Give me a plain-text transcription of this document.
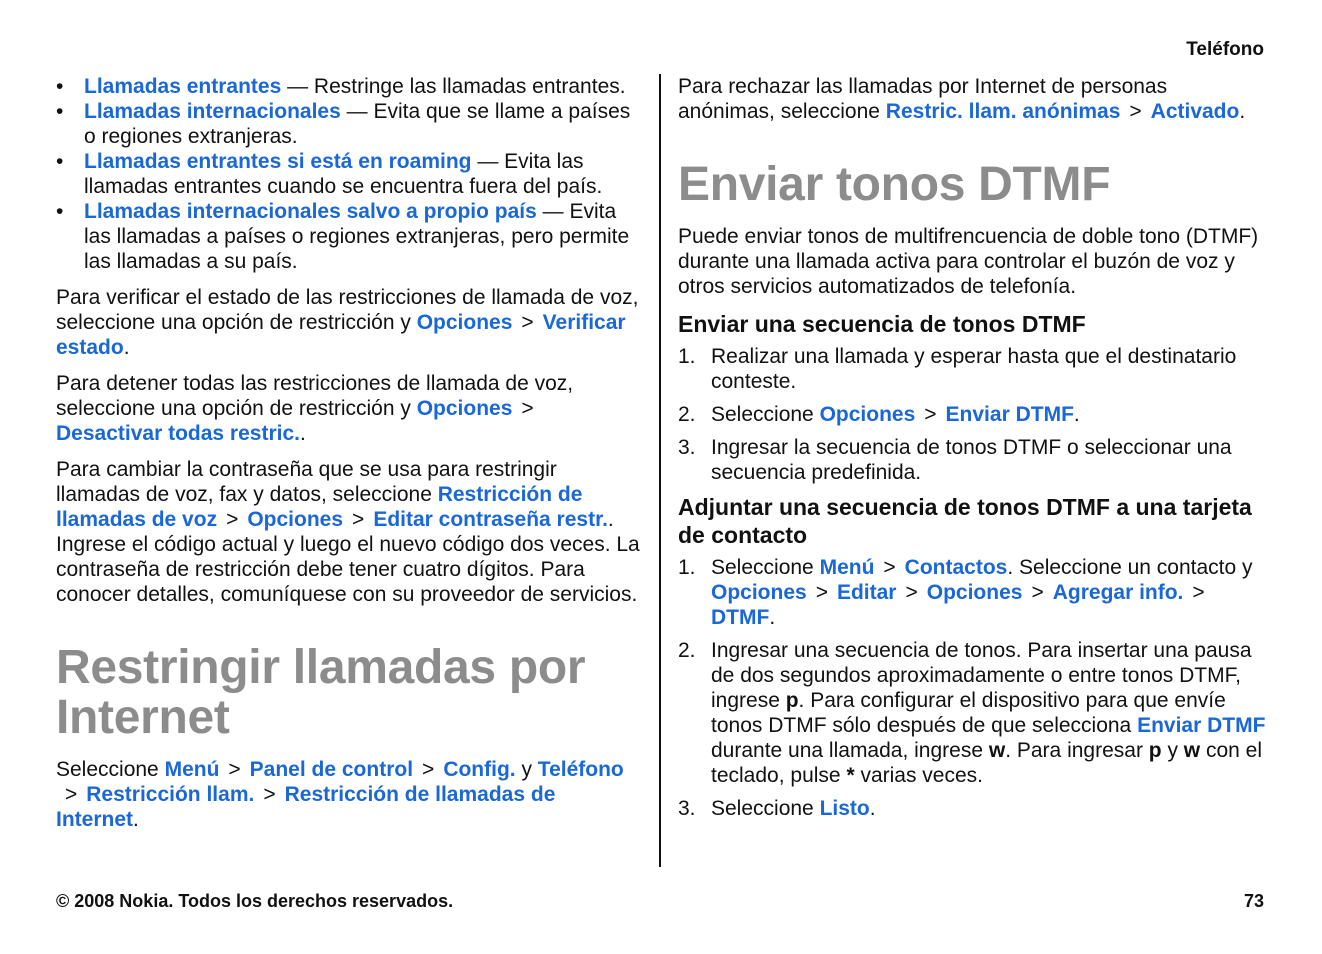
Teléfono
• Llamadas entrantes — Restringe las llamadas entrantes.
• Llamadas internacionales — Evita que se llame a países o regiones extranjeras.
• Llamadas entrantes si está en roaming — Evita las llamadas entrantes cuando se encuentra fuera del país.
• Llamadas internacionales salvo a propio país — Evita las llamadas a países o regiones extranjeras, pero permite las llamadas a su país.

Para verificar el estado de las restricciones de llamada de voz, seleccione una opción de restricción y Opciones > Verificar estado.

Para detener todas las restricciones de llamada de voz, seleccione una opción de restricción y Opciones >
Desactivar todas restric..

Para cambiar la contraseña que se usa para restringir llamadas de voz, fax y datos, seleccione Restricción de llamadas de voz > Opciones > Editar contraseña restr.. Ingrese el código actual y luego el nuevo código dos veces. La contraseña de restricción debe tener cuatro dígitos. Para conocer detalles, comuníquese con su proveedor de servicios.

Restringir llamadas por Internet

Seleccione Menú > Panel de control > Config. y Teléfono> Restricción llam. > Restricción de llamadas de Internet.

Para rechazar las llamadas por Internet de personas anónimas, seleccione Restric. llam. anónimas > Activado.

Enviar tonos DTMF

Puede enviar tonos de multifrencuencia de doble tono (DTMF) durante una llamada activa para controlar el buzón de voz y otros servicios automatizados de telefonía.

Enviar una secuencia de tonos DTMF
1. Realizar una llamada y esperar hasta que el destinatario conteste.
2. Seleccione Opciones > Enviar DTMF.
3. Ingresar la secuencia de tonos DTMF o seleccionar una secuencia predefinida.
Adjuntar una secuencia de tonos DTMF a una tarjeta de contacto
1. Seleccione Menú > Contactos. Seleccione un contacto y Opciones > Editar > Opciones > Agregar info. >DTMF.
2. Ingresar una secuencia de tonos. Para insertar una pausa de dos segundos aproximadamente o entre tonos DTMF, ingrese p. Para configurar el dispositivo para que envíe tonos DTMF sólo después de que selecciona Enviar DTMF durante una llamada, ingrese w. Para ingresar p y w con el teclado, pulse * varias veces.
3. Seleccione Listo.
© 2008 Nokia. Todos los derechos reservados.	73
